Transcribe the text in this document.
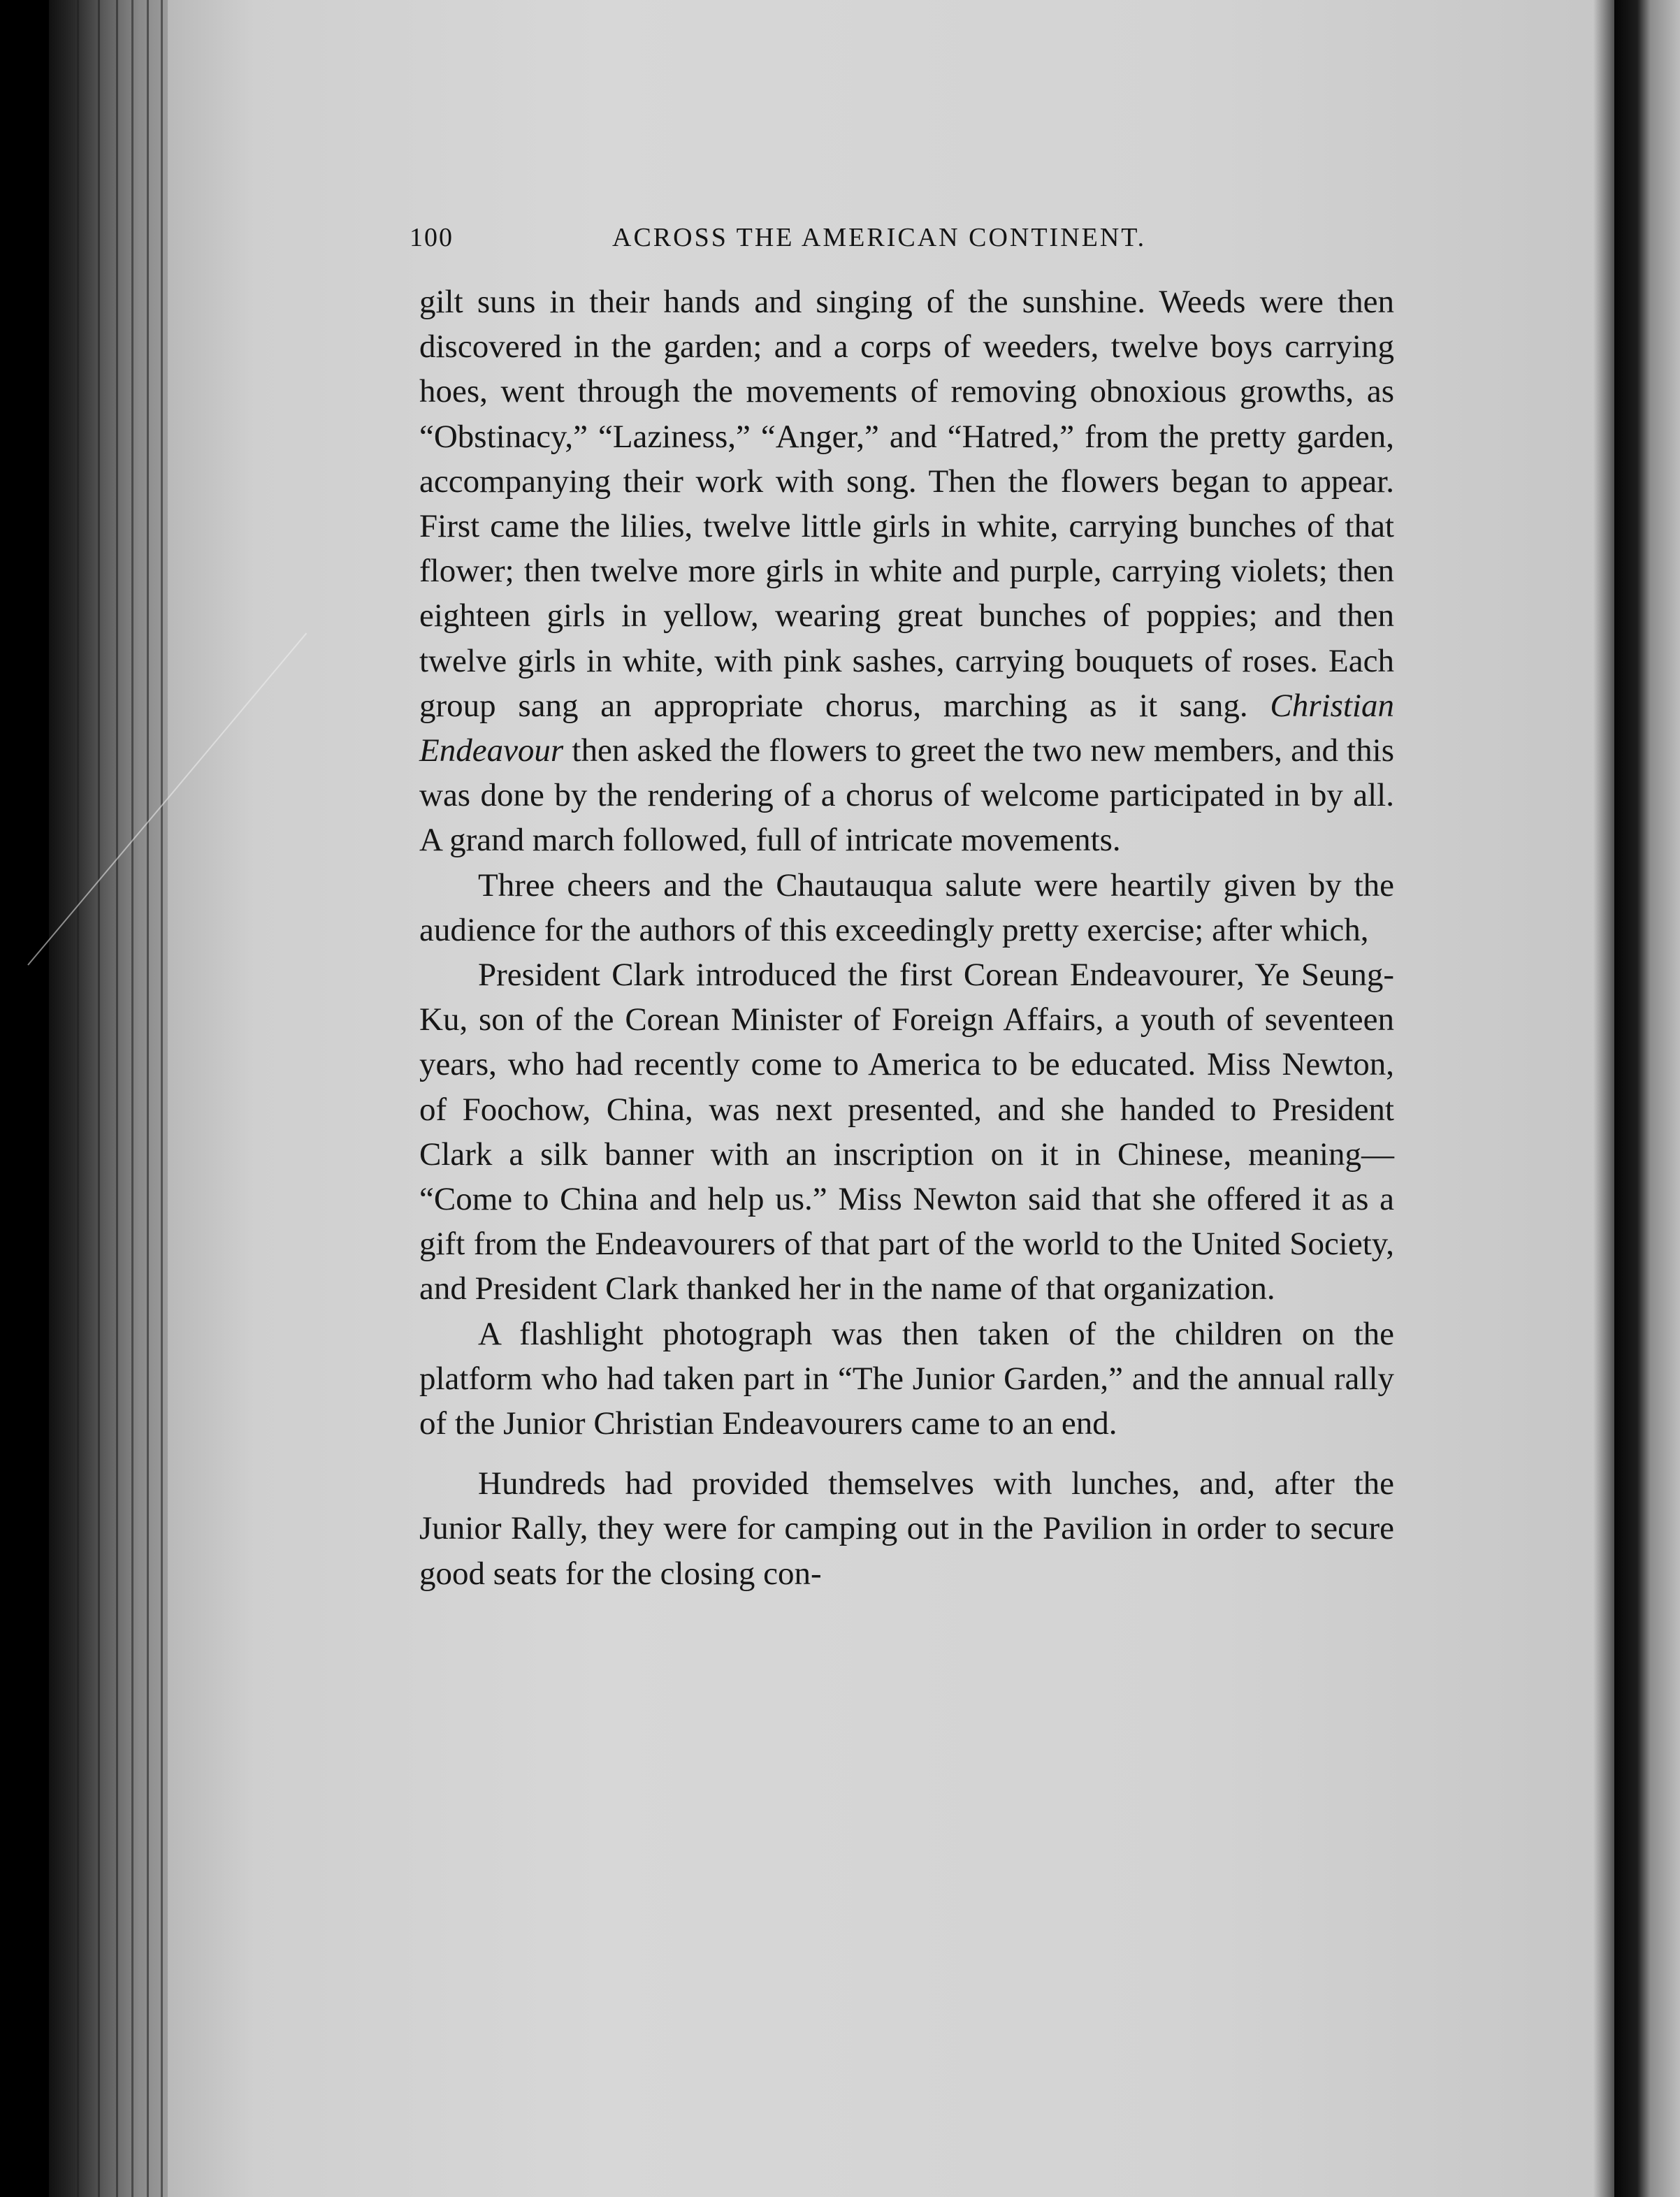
100	ACROSS THE AMERICAN CONTINENT.

gilt suns in their hands and singing of the sunshine. Weeds were then discovered in the garden; and a corps of weeders, twelve boys carrying hoes, went through the movements of removing obnoxious growths, as “Obstinacy,” “Laziness,” “Anger,” and “Hatred,” from the pretty garden, accompanying their work with song. Then the flowers began to appear. First came the lilies, twelve little girls in white, carrying bunches of that flower; then twelve more girls in white and purple, carrying violets; then eighteen girls in yellow, wearing great bunches of poppies; and then twelve girls in white, with pink sashes, carrying bouquets of roses. Each group sang an appropriate chorus, marching as it sang. Christian Endeavour then asked the flowers to greet the two new members, and this was done by the rendering of a chorus of welcome participated in by all. A grand march followed, full of intricate movements.

Three cheers and the Chautauqua salute were heartily given by the audience for the authors of this exceedingly pretty exercise; after which,

President Clark introduced the first Corean Endeavourer, Ye Seung-Ku, son of the Corean Minister of Foreign Affairs, a youth of seventeen years, who had recently come to America to be educated. Miss Newton, of Foochow, China, was next presented, and she handed to President Clark a silk banner with an inscription on it in Chinese, meaning— “Come to China and help us.” Miss Newton said that she offered it as a gift from the Endeavourers of that part of the world to the United Society, and President Clark thanked her in the name of that organization.

A flashlight photograph was then taken of the children on the platform who had taken part in “The Junior Garden,” and the annual rally of the Junior Christian Endeavourers came to an end.

Hundreds had provided themselves with lunches, and, after the Junior Rally, they were for camping out in the Pavilion in order to secure good seats for the closing con-
